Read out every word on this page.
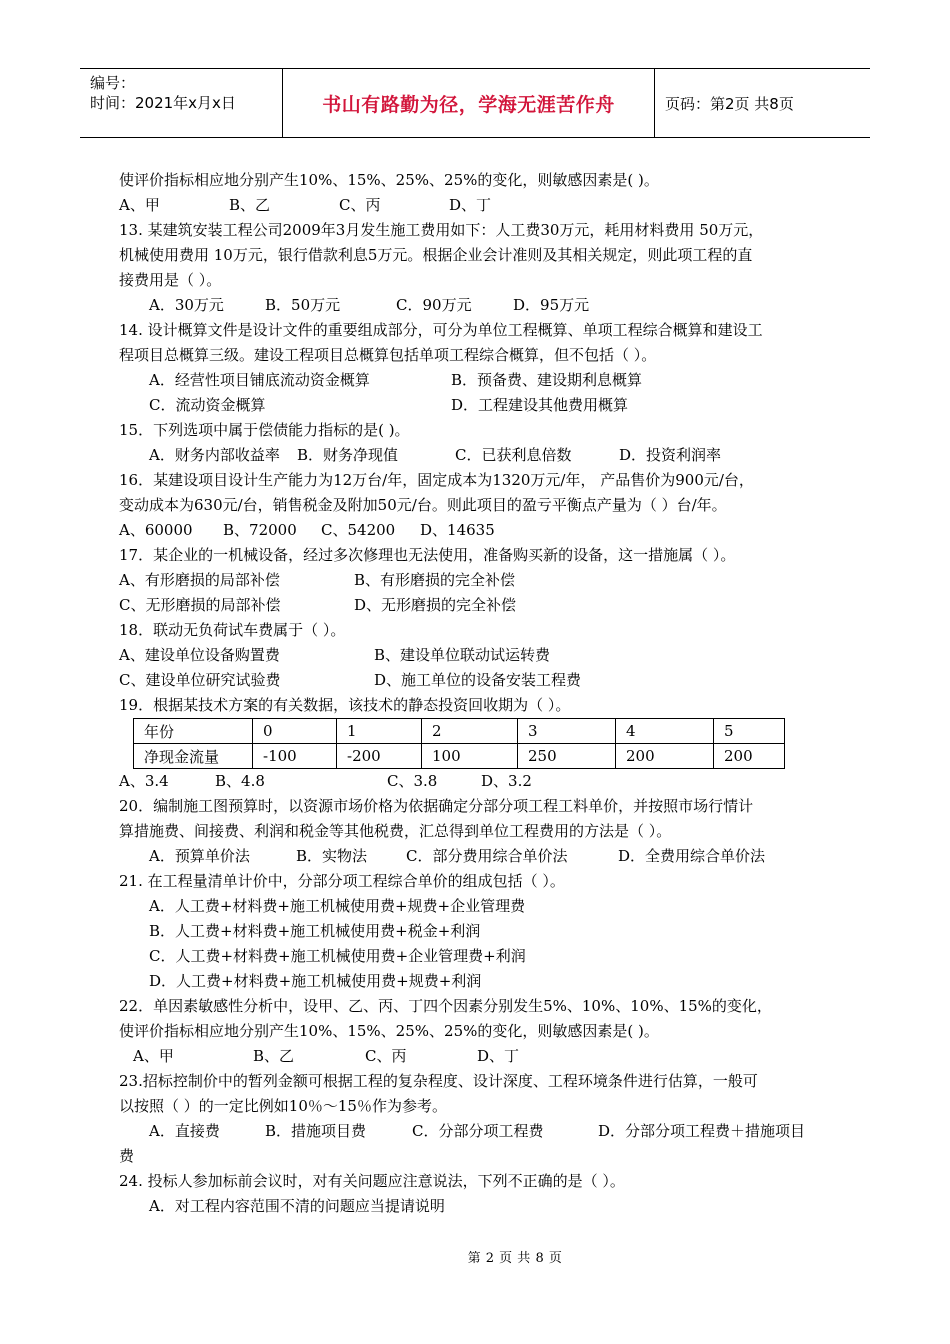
编号：
时间：2021年x月x日	书山有路勤为径，学海无涯苦作舟	页码：第2页 共8页
使评价指标相应地分别产生10%、15%、25%、25%的变化，则敏感因素是( )。
A、甲	B、乙	C、丙	D、丁
13. 某建筑安装工程公司2009年3月发生施工费用如下：人工费30万元，耗用材料费用 50万元，
机械使用费用 10万元，银行借款利息5万元。根据企业会计准则及其相关规定，则此项工程的直
接费用是（ ）。
A．30万元	B．50万元	C．90万元	D．95万元
14. 设计概算文件是设计文件的重要组成部分，可分为单位工程概算、单项工程综合概算和建设工
程项目总概算三级。建设工程项目总概算包括单项工程综合概算，但不包括（ ）。
A．经营性项目铺底流动资金概算	B．预备费、建设期利息概算
C．流动资金概算	D．工程建设其他费用概算
15．下列选项中属于偿债能力指标的是( )。
A．财务内部收益率	B．财务净现值	C．已获利息倍数	D．投资利润率
16．某建设项目设计生产能力为12万台/年，固定成本为1320万元/年， 产品售价为900元/台，
变动成本为630元/台，销售税金及附加50元/台。则此项目的盈亏平衡点产量为（ ）台/年。
A、60000	B、72000	C、54200	D、14635
17．某企业的一机械设备，经过多次修理也无法使用，准备购买新的设备，这一措施属（ ）。
A、有形磨损的局部补偿	B、有形磨损的完全补偿
C、无形磨损的局部补偿	D、无形磨损的完全补偿
18．联动无负荷试车费属于（ ）。
A、建设单位设备购置费	B、建设单位联动试运转费
C、建设单位研究试验费	D、施工单位的设备安装工程费
19．根据某技术方案的有关数据，该技术的静态投资回收期为（ ）。
年份	0	1	2	3	4	5
净现金流量	-100	-200	100	250	200	200
A、3.4	B、4.8	C、3.8	D、3.2
20．编制施工图预算时，以资源市场价格为依据确定分部分项工程工料单价，并按照市场行情计
算措施费、间接费、利润和税金等其他税费，汇总得到单位工程费用的方法是（ ）。
A．预算单价法	B．实物法	C．部分费用综合单价法	D．全费用综合单价法
21. 在工程量清单计价中，分部分项工程综合单价的组成包括（ ）。
A．人工费+材料费+施工机械使用费+规费+企业管理费
B．人工费+材料费+施工机械使用费+税金+利润
C．人工费+材料费+施工机械使用费+企业管理费+利润
D．人工费+材料费+施工机械使用费+规费+利润
22．单因素敏感性分析中，设甲、乙、丙、丁四个因素分别发生5%、10%、10%、15%的变化，
使评价指标相应地分别产生10%、15%、25%、25%的变化，则敏感因素是( )。
A、甲	B、乙	C、丙	D、丁
23.招标控制价中的暂列金额可根据工程的复杂程度、设计深度、工程环境条件进行估算，一般可
以按照（ ）的一定比例如10％～15％作为参考。
A．直接费	B．措施项目费	C．分部分项工程费	D．分部分项工程费＋措施项目
费
24. 投标人参加标前会议时，对有关问题应注意说法，下列不正确的是（ ）。
A．对工程内容范围不清的问题应当提请说明
第 2 页 共 8 页
